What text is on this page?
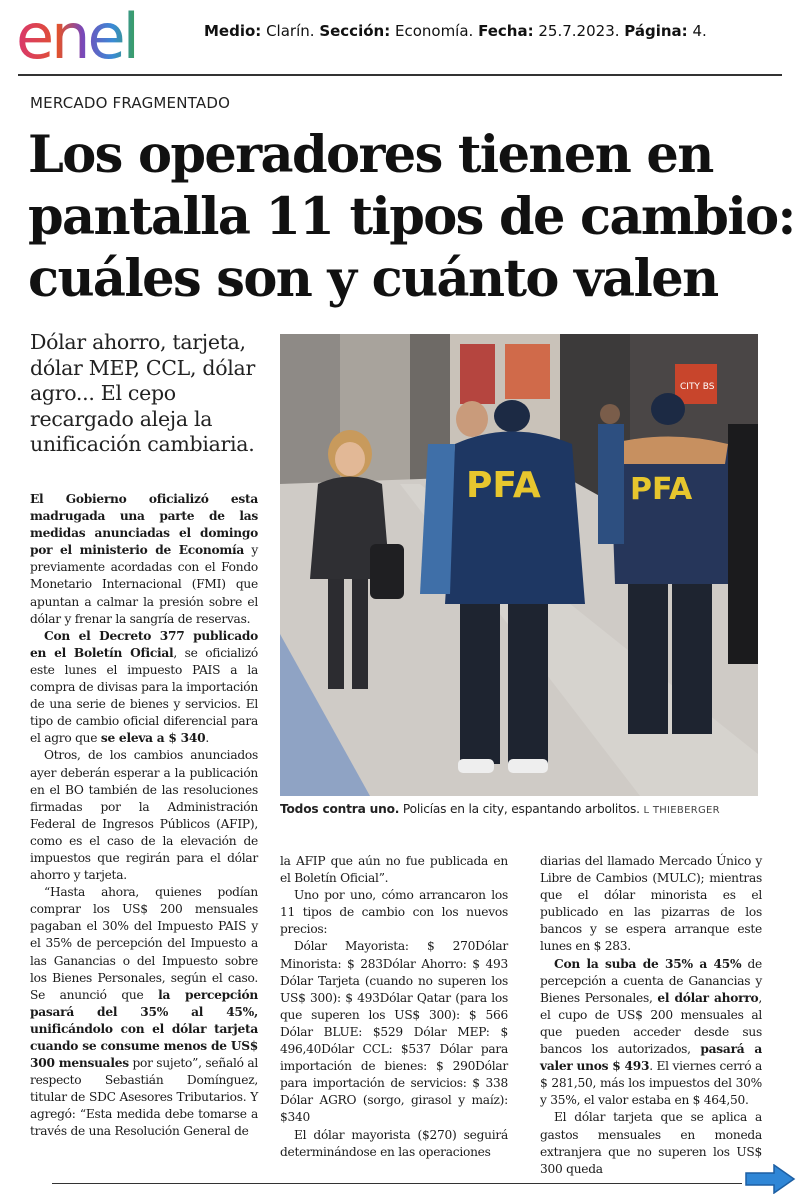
enel	Medio: Clarín. Sección: Economía. Fecha: 25.7.2023. Página: 4.
MERCADO FRAGMENTADO
Los operadores tienen en
pantalla 11 tipos de cambio:
cuáles son y cuánto valen
Dólar ahorro, tarjeta, dólar MEP, CCL, dólar agro... El cepo recargado aleja la unificación cambiaria.
CITY BS
PFA	PFA
Todos contra uno. Policías en la city, espantando arbolitos. L THIEBERGER

El Gobierno oficializó esta madrugada una parte de las medidas anunciadas el domingo por el ministerio de Economía y previamente acordadas con el Fondo Monetario Internacional (FMI) que apuntan a calmar la presión sobre el dólar y frenar la sangría de reservas.

Con el Decreto 377 publicado en el Boletín Oficial, se oficializó este lunes el impuesto PAIS a la compra de divisas para la importación de una serie de bienes y servicios. El tipo de cambio oficial diferencial para el agro que se eleva a $ 340.

Otros, de los cambios anunciados ayer deberán esperar a la publicación en el BO también de las resoluciones firmadas por la Administración Federal de Ingresos Públicos (AFIP), como es el caso de la elevación de impuestos que regirán para el dólar ahorro y tarjeta.

“Hasta ahora, quienes podían comprar los US$ 200 mensuales pagaban el 30% del Impuesto PAIS y el 35% de percepción del Impuesto a las Ganancias o del Impuesto sobre los Bienes Personales, según el caso. Se anunció que la percepción pasará del 35% al 45%, unificándolo con el dólar tarjeta cuando se consume menos de US$ 300 mensuales por sujeto”, señaló al respecto Sebastián Domínguez, titular de SDC Asesores Tributarios. Y agregó: “Esta medida debe tomarse a través de una Resolución General de

la AFIP que aún no fue publicada en el Boletín Oficial”.

Uno por uno, cómo arrancaron los 11 tipos de cambio con los nuevos precios:

Dólar Mayorista: $ 270Dólar Minorista: $ 283Dólar Ahorro: $ 493 Dólar Tarjeta (cuando no superen los US$ 300): $ 493Dólar Qatar (para los que superen los US$ 300): $ 566 Dólar BLUE: $529 Dólar MEP: $ 496,40Dólar CCL: $537 Dólar para importación de bienes: $ 290Dólar para importación de servicios: $ 338 Dólar AGRO (sorgo, girasol y maíz): $340

El dólar mayorista ($270) seguirá determinándose en las operaciones

diarias del llamado Mercado Único y Libre de Cambios (MULC); mientras que el dólar minorista es el publicado en las pizarras de los bancos y se espera arranque este lunes en $ 283.

Con la suba de 35% a 45% de percepción a cuenta de Ganancias y Bienes Personales, el dólar ahorro, el cupo de US$ 200 mensuales al que pueden acceder desde sus bancos los autorizados, pasará a valer unos $ 493. El viernes cerró a $ 281,50, más los impuestos del 30% y 35%, el valor estaba en $ 464,50.

El dólar tarjeta que se aplica a gastos mensuales en moneda extranjera que no superen los US$ 300 queda
